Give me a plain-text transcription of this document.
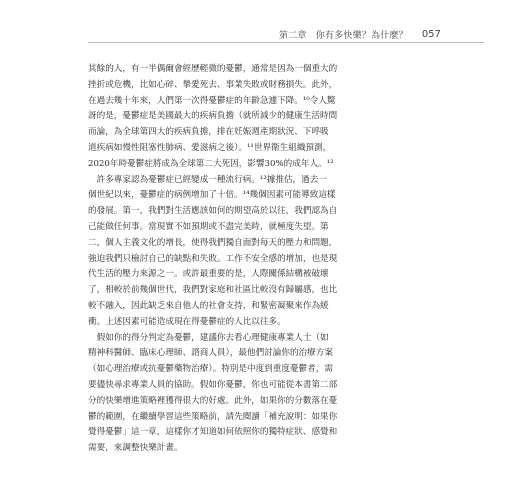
第二章　你有多快樂？為什麼？ 057

其餘的人，有一半偶爾會經歷輕微的憂鬱，通常是因為一個重大的
挫折或危機，比如心碎、摯愛死去、事業失敗或財務損失。此外，
在過去幾十年來，人們第一次得憂鬱症的年齡急遽下降。¹⁰令人驚
訝的是，憂鬱症是美國最大的疾病負擔（就所減少的健康生活時間
而論，為全球第四大的疾病負擔，排在妊娠週產期狀況、下呼吸
道疾病如慢性阻塞性肺病、愛滋病之後）。¹¹世界衛生組織預測，
2020年時憂鬱症將成為全球第二大死因，影響30%的成年人。¹²

　許多專家認為憂鬱症已經變成一種流行病。¹³據推估，過去一
個世紀以來，憂鬱症的病例增加了十倍。¹⁴幾個因素可能導致這樣
的發展。第一，我們對生活應該如何的期望高於以往，我們認為自
己能做任何事。當現實不如預期或不盡完美時，就極度失望。第
二，個人主義文化的增長，使得我們獨自面對每天的壓力和問題，
強迫我們只檢討自己的缺點和失敗。工作不安全感的增加，也是現
代生活的壓力來源之一。或許最重要的是，人際關係結構被破壞
了，相較於前幾個世代，我們對家庭和社區比較沒有歸屬感，也比
較不融入，因此缺乏來自他人的社會支持，和緊密凝聚來作為緩
衝。上述因素可能造成現在得憂鬱症的人比以往多。

　假如你的得分判定為憂鬱，建議你去看心理健康專業人士（如
精神科醫師、臨床心理師、諮商人員），最他們討論你的治療方案
（如心理治療或抗憂鬱藥物治療）。特別是中度到重度憂鬱者，需
要儘快尋求專業人員的協助。假如你憂鬱，你也可能從本書第二部
分的快樂增進策略裡獲得很大的好處。此外，如果你的分數落在憂
鬱的範圍，在繼續學習這些策略前，請先閱讀「補充說明：如果你
覺得憂鬱」這一章，這樣你才知道如何依照你的獨特症狀、感覺和
需要，來調整快樂計畫。
